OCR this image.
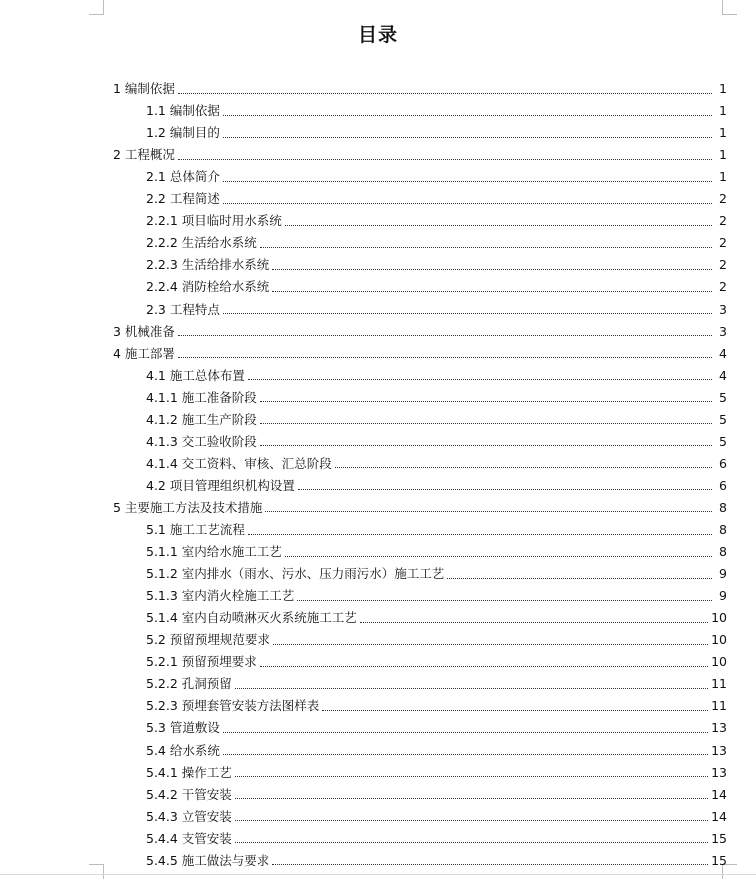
目录
1 编制依据	1
1.1 编制依据	1
1.2 编制目的	1
2 工程概况	1
2.1 总体简介	1
2.2 工程简述	2
2.2.1 项目临时用水系统	2
2.2.2 生活给水系统	2
2.2.3 生活给排水系统	2
2.2.4 消防栓给水系统	2
2.3 工程特点	3
3 机械准备	3
4 施工部署	4
4.1 施工总体布置	4
4.1.1 施工准备阶段	5
4.1.2 施工生产阶段	5
4.1.3 交工验收阶段	5
4.1.4 交工资料、审核、汇总阶段	6
4.2 项目管理组织机构设置	6
5 主要施工方法及技术措施	8
5.1 施工工艺流程	8
5.1.1 室内给水施工工艺	8
5.1.2 室内排水（雨水、污水、压力雨污水）施工工艺	9
5.1.3 室内消火栓施工工艺	9
5.1.4 室内自动喷淋灭火系统施工工艺	10
5.2 预留预埋规范要求	10
5.2.1 预留预埋要求	10
5.2.2 孔洞预留	11
5.2.3 预埋套管安装方法图样表	11
5.3 管道敷设	13
5.4 给水系统	13
5.4.1 操作工艺	13
5.4.2 干管安装	14
5.4.3 立管安装	14
5.4.4 支管安装	15
5.4.5 施工做法与要求	15
